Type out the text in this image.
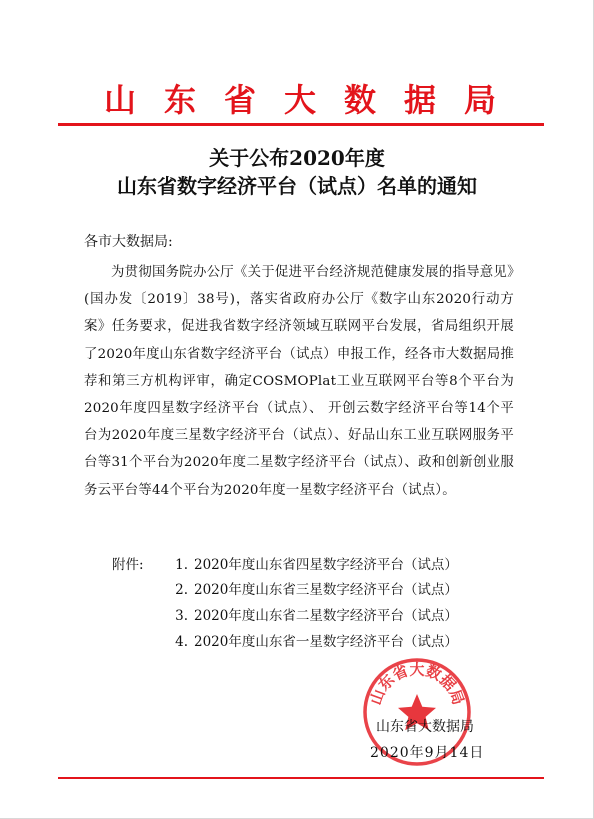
山东省大数据局
关于公布2020年度
山东省数字经济平台（试点）名单的通知
各市大数据局:
为贯彻国务院办公厅《关于促进平台经济规范健康发展的指导意见》(国办发〔2019〕38号)，落实省政府办公厅《数字山东2020行动方案》任务要求，促进我省数字经济领域互联网平台发展，省局组织开展了2020年度山东省数字经济平台（试点）申报工作，经各市大数据局推荐和第三方机构评审，确定COSMOPlat工业互联网平台等8个平台为2020年度四星数字经济平台（试点）、 开创云数字经济平台等14个平台为2020年度三星数字经济平台（试点）、好品山东工业互联网服务平台等31个平台为2020年度二星数字经济平台（试点）、政和创新创业服务云平台等44个平台为2020年度一星数字经济平台（试点）。
附件: 1. 2020年度山东省四星数字经济平台（试点）
2. 2020年度山东省三星数字经济平台（试点）
3. 2020年度山东省二星数字经济平台（试点）
4. 2020年度山东省一星数字经济平台（试点）
山东省大数据局
山东省大数据局
2020年9月14日
